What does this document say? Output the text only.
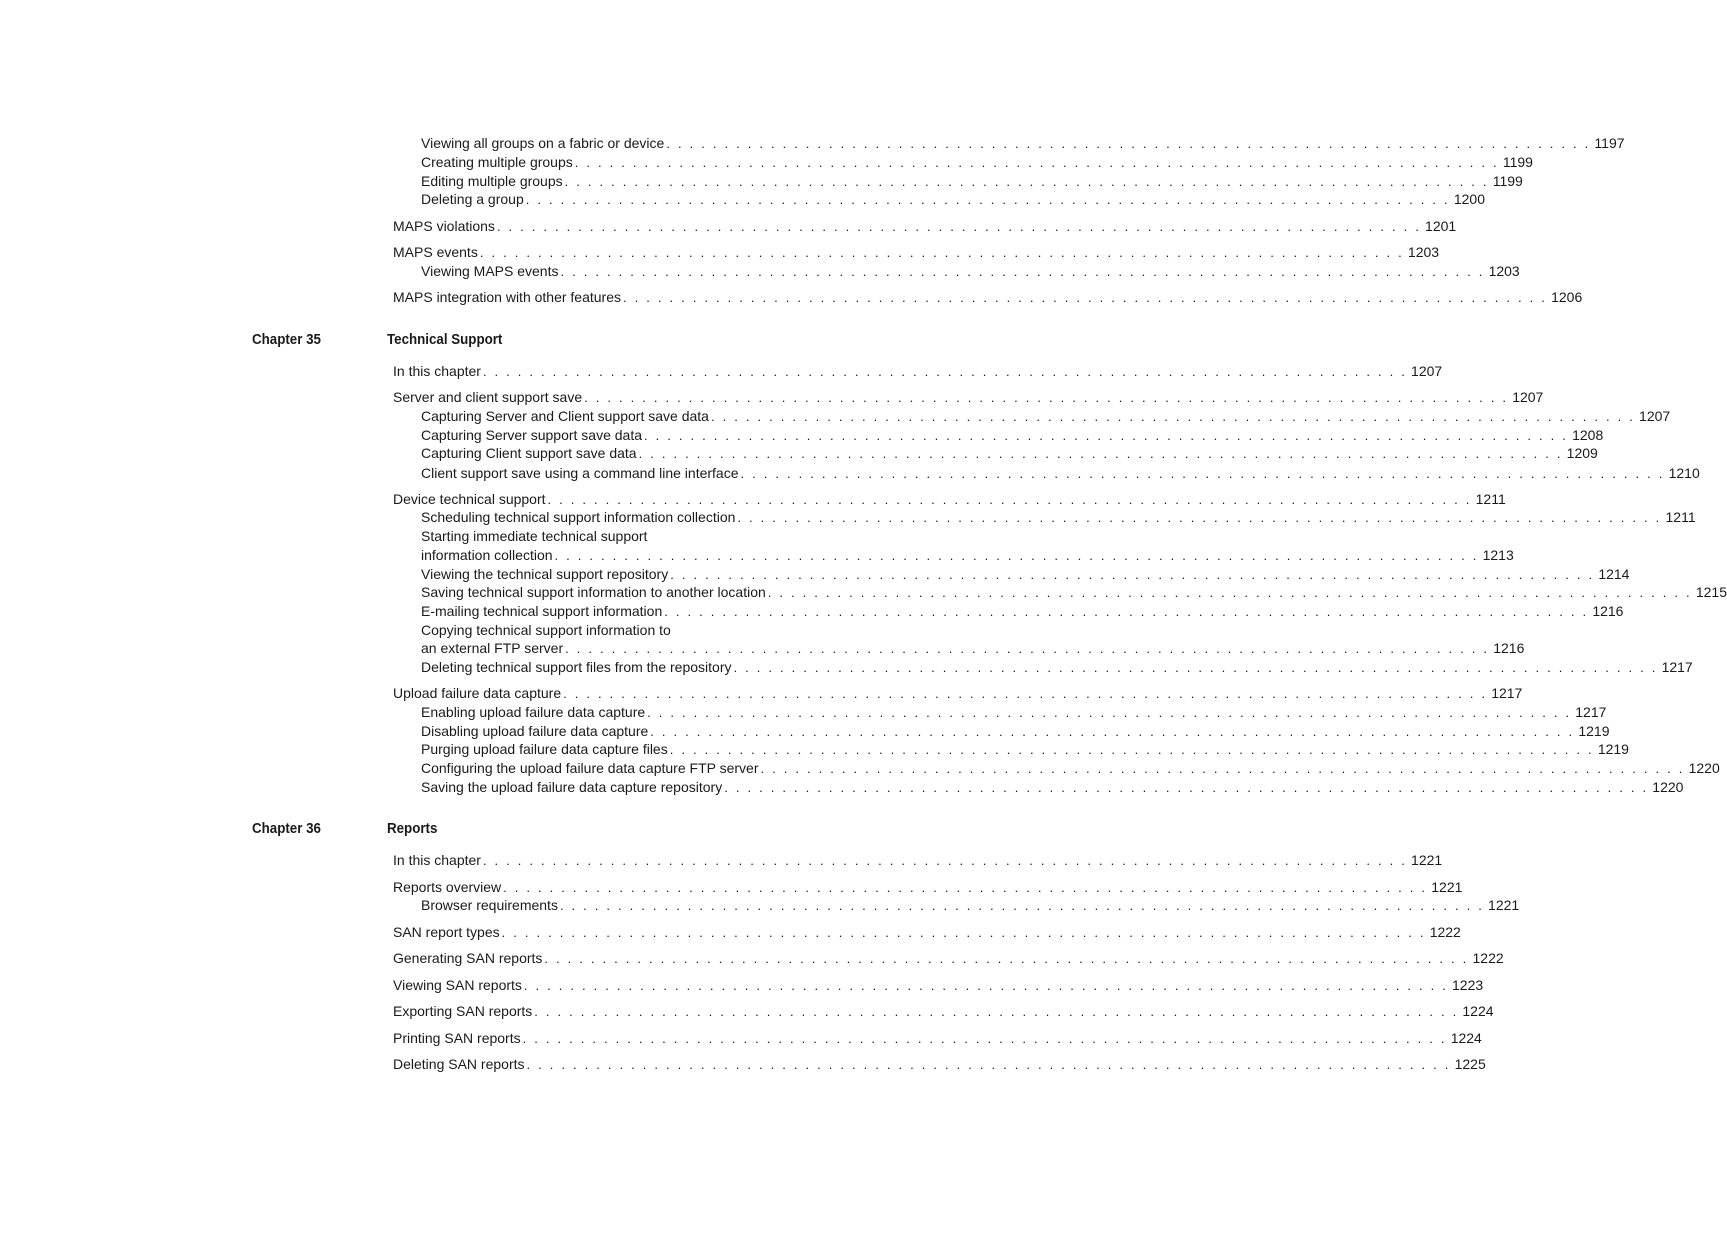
Viewing all groups on a fabric or device . . . . . . . . . . . . . . . . . . . . . . . . . . . . . . . . . . . . . . . . . . . . . . . . . . . . . . . . . . . . . . . . . . . . . . . . . . . . . . . . 1197
Creating multiple groups . . . . . . . . . . . . . . . . . . . . . . . . . . . . . . . . . . . . . . . . . . . . . . . . . . . . . . . . . . . . . . . . . . . . . . . . . . . . . . . . 1199
Editing multiple groups . . . . . . . . . . . . . . . . . . . . . . . . . . . . . . . . . . . . . . . . . . . . . . . . . . . . . . . . . . . . . . . . . . . . . . . . . . . . . . . . 1199
Deleting a group . . . . . . . . . . . . . . . . . . . . . . . . . . . . . . . . . . . . . . . . . . . . . . . . . . . . . . . . . . . . . . . . . . . . . . . . . . . . . . . . 1200
MAPS violations . . . . . . . . . . . . . . . . . . . . . . . . . . . . . . . . . . . . . . . . . . . . . . . . . . . . . . . . . . . . . . . . . . . . . . . . . . . . . . . . 1201
MAPS events . . . . . . . . . . . . . . . . . . . . . . . . . . . . . . . . . . . . . . . . . . . . . . . . . . . . . . . . . . . . . . . . . . . . . . . . . . . . . . . . 1203
Viewing MAPS events . . . . . . . . . . . . . . . . . . . . . . . . . . . . . . . . . . . . . . . . . . . . . . . . . . . . . . . . . . . . . . . . . . . . . . . . . . . . . . . . 1203
MAPS integration with other features . . . . . . . . . . . . . . . . . . . . . . . . . . . . . . . . . . . . . . . . . . . . . . . . . . . . . . . . . . . . . . . . . . . . . . . . . . . . . . . . 1206
In this chapter . . . . . . . . . . . . . . . . . . . . . . . . . . . . . . . . . . . . . . . . . . . . . . . . . . . . . . . . . . . . . . . . . . . . . . . . . . . . . . . . 1207
Server and client support save . . . . . . . . . . . . . . . . . . . . . . . . . . . . . . . . . . . . . . . . . . . . . . . . . . . . . . . . . . . . . . . . . . . . . . . . . . . . . . . . 1207
Capturing Server and Client support save data . . . . . . . . . . . . . . . . . . . . . . . . . . . . . . . . . . . . . . . . . . . . . . . . . . . . . . . . . . . . . . . . . . . . . . . . . . . . . . . . 1207
Capturing Server support save data . . . . . . . . . . . . . . . . . . . . . . . . . . . . . . . . . . . . . . . . . . . . . . . . . . . . . . . . . . . . . . . . . . . . . . . . . . . . . . . . 1208
Capturing Client support save data . . . . . . . . . . . . . . . . . . . . . . . . . . . . . . . . . . . . . . . . . . . . . . . . . . . . . . . . . . . . . . . . . . . . . . . . . . . . . . . . 1209
Client support save using a command line interface . . . . . . . . . . . . . . . . . . . . . . . . . . . . . . . . . . . . . . . . . . . . . . . . . . . . . . . . . . . . . . . . . . . . . . . . . . . . . . . . 1210
Device technical support . . . . . . . . . . . . . . . . . . . . . . . . . . . . . . . . . . . . . . . . . . . . . . . . . . . . . . . . . . . . . . . . . . . . . . . . . . . . . . . . 1211
Scheduling technical support information collection . . . . . . . . . . . . . . . . . . . . . . . . . . . . . . . . . . . . . . . . . . . . . . . . . . . . . . . . . . . . . . . . . . . . . . . . . . . . . . . . 1211
Starting immediate technical support
information collection . . . . . . . . . . . . . . . . . . . . . . . . . . . . . . . . . . . . . . . . . . . . . . . . . . . . . . . . . . . . . . . . . . . . . . . . . . . . . . . . 1213
Viewing the technical support repository . . . . . . . . . . . . . . . . . . . . . . . . . . . . . . . . . . . . . . . . . . . . . . . . . . . . . . . . . . . . . . . . . . . . . . . . . . . . . . . . 1214
Saving technical support information to another location . . . . . . . . . . . . . . . . . . . . . . . . . . . . . . . . . . . . . . . . . . . . . . . . . . . . . . . . . . . . . . . . . . . . . . . . . . . . . . . . 1215
E-mailing technical support information . . . . . . . . . . . . . . . . . . . . . . . . . . . . . . . . . . . . . . . . . . . . . . . . . . . . . . . . . . . . . . . . . . . . . . . . . . . . . . . . 1216
Copying technical support information to
an external FTP server . . . . . . . . . . . . . . . . . . . . . . . . . . . . . . . . . . . . . . . . . . . . . . . . . . . . . . . . . . . . . . . . . . . . . . . . . . . . . . . . 1216
Deleting technical support files from the repository . . . . . . . . . . . . . . . . . . . . . . . . . . . . . . . . . . . . . . . . . . . . . . . . . . . . . . . . . . . . . . . . . . . . . . . . . . . . . . . . 1217
Upload failure data capture . . . . . . . . . . . . . . . . . . . . . . . . . . . . . . . . . . . . . . . . . . . . . . . . . . . . . . . . . . . . . . . . . . . . . . . . . . . . . . . . 1217
Enabling upload failure data capture . . . . . . . . . . . . . . . . . . . . . . . . . . . . . . . . . . . . . . . . . . . . . . . . . . . . . . . . . . . . . . . . . . . . . . . . . . . . . . . . 1217
Disabling upload failure data capture . . . . . . . . . . . . . . . . . . . . . . . . . . . . . . . . . . . . . . . . . . . . . . . . . . . . . . . . . . . . . . . . . . . . . . . . . . . . . . . . 1219
Purging upload failure data capture files . . . . . . . . . . . . . . . . . . . . . . . . . . . . . . . . . . . . . . . . . . . . . . . . . . . . . . . . . . . . . . . . . . . . . . . . . . . . . . . . 1219
Configuring the upload failure data capture FTP server . . . . . . . . . . . . . . . . . . . . . . . . . . . . . . . . . . . . . . . . . . . . . . . . . . . . . . . . . . . . . . . . . . . . . . . . . . . . . . . . 1220
Saving the upload failure data capture repository . . . . . . . . . . . . . . . . . . . . . . . . . . . . . . . . . . . . . . . . . . . . . . . . . . . . . . . . . . . . . . . . . . . . . . . . . . . . . . . . 1220
In this chapter . . . . . . . . . . . . . . . . . . . . . . . . . . . . . . . . . . . . . . . . . . . . . . . . . . . . . . . . . . . . . . . . . . . . . . . . . . . . . . . . 1221
Reports overview . . . . . . . . . . . . . . . . . . . . . . . . . . . . . . . . . . . . . . . . . . . . . . . . . . . . . . . . . . . . . . . . . . . . . . . . . . . . . . . . 1221
Browser requirements . . . . . . . . . . . . . . . . . . . . . . . . . . . . . . . . . . . . . . . . . . . . . . . . . . . . . . . . . . . . . . . . . . . . . . . . . . . . . . . . 1221
SAN report types . . . . . . . . . . . . . . . . . . . . . . . . . . . . . . . . . . . . . . . . . . . . . . . . . . . . . . . . . . . . . . . . . . . . . . . . . . . . . . . . 1222
Generating SAN reports . . . . . . . . . . . . . . . . . . . . . . . . . . . . . . . . . . . . . . . . . . . . . . . . . . . . . . . . . . . . . . . . . . . . . . . . . . . . . . . . 1222
Viewing SAN reports . . . . . . . . . . . . . . . . . . . . . . . . . . . . . . . . . . . . . . . . . . . . . . . . . . . . . . . . . . . . . . . . . . . . . . . . . . . . . . . . 1223
Exporting SAN reports . . . . . . . . . . . . . . . . . . . . . . . . . . . . . . . . . . . . . . . . . . . . . . . . . . . . . . . . . . . . . . . . . . . . . . . . . . . . . . . . 1224
Printing SAN reports . . . . . . . . . . . . . . . . . . . . . . . . . . . . . . . . . . . . . . . . . . . . . . . . . . . . . . . . . . . . . . . . . . . . . . . . . . . . . . . . 1224
Deleting SAN reports . . . . . . . . . . . . . . . . . . . . . . . . . . . . . . . . . . . . . . . . . . . . . . . . . . . . . . . . . . . . . . . . . . . . . . . . . . . . . . . . 1225
Chapter 35	Technical Support
Chapter 36	Reports
